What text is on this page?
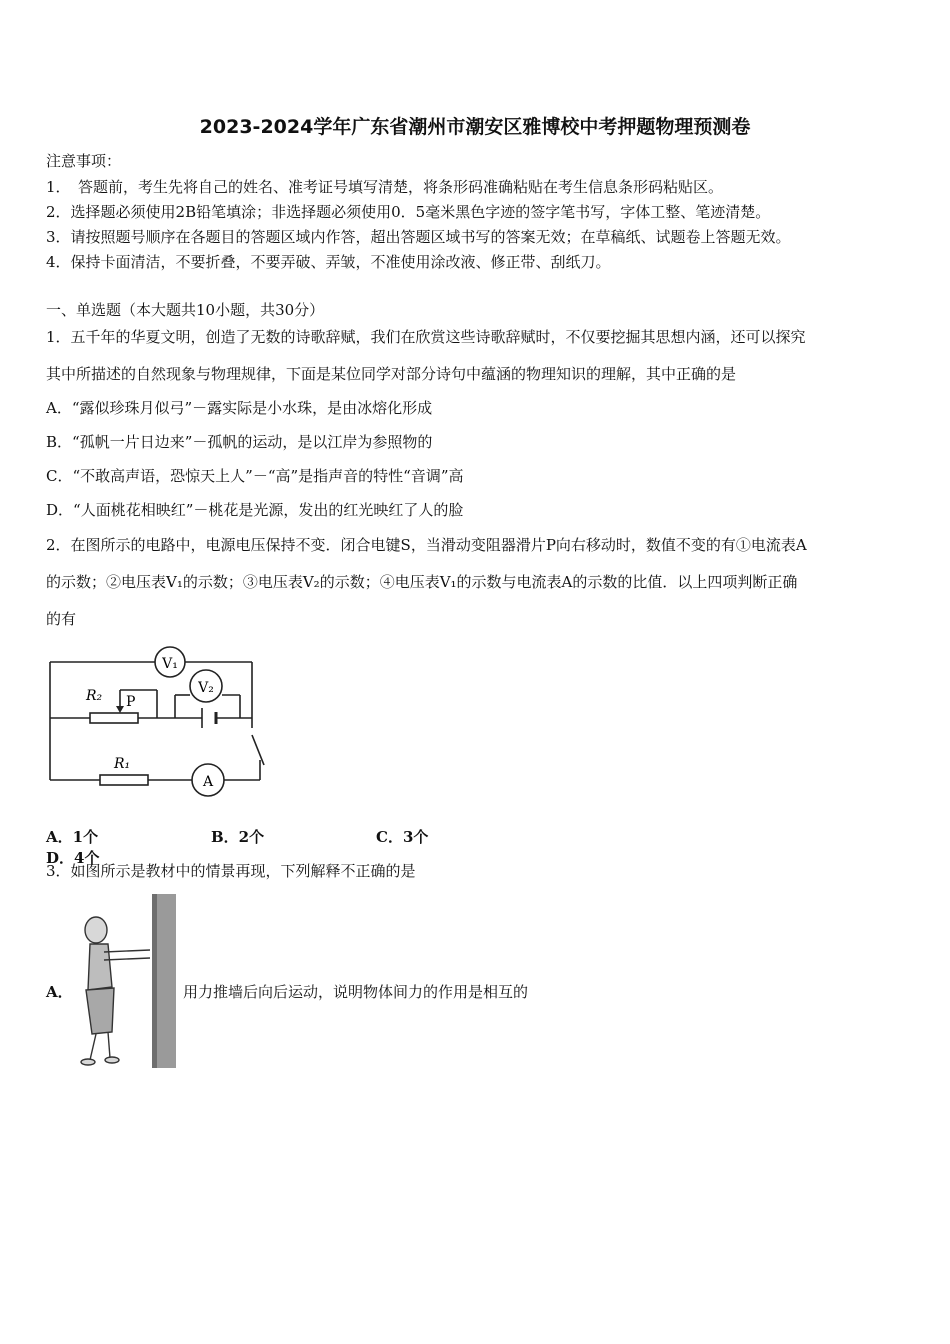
2023-2024学年广东省潮州市潮安区雅博校中考押题物理预测卷
注意事项：
1．　答题前，考生先将自己的姓名、准考证号填写清楚，将条形码准确粘贴在考生信息条形码粘贴区。
2．选择题必须使用2B铅笔填涂；非选择题必须使用0．5毫米黑色字迹的签字笔书写，字体工整、笔迹清楚。
3．请按照题号顺序在各题目的答题区域内作答，超出答题区域书写的答案无效；在草稿纸、试题卷上答题无效。
4．保持卡面清洁，不要折叠，不要弄破、弄皱，不准使用涂改液、修正带、刮纸刀。
一、单选题（本大题共10小题，共30分）
1．五千年的华夏文明，创造了无数的诗歌辞赋，我们在欣赏这些诗歌辞赋时，不仅要挖掘其思想内涵，还可以探究
其中所描述的自然现象与物理规律，下面是某位同学对部分诗句中蕴涵的物理知识的理解，其中正确的是
A．“露似珍珠月似弓”－露实际是小水珠，是由冰熔化形成
B．“孤帆一片日边来”－孤帆的运动，是以江岸为参照物的
C．“不敢高声语，恐惊天上人”－“高”是指声音的特性“音调”高
D．“人面桃花相映红”－桃花是光源，发出的红光映红了人的脸
2．在图所示的电路中，电源电压保持不变．闭合电键S，当滑动变阻器滑片P向右移动时，数值不变的有①电流表A
的示数；②电压表V₁的示数；③电压表V₂的示数；④电压表V₁的示数与电流表A的示数的比值．以上四项判断正确
的有
V₁
V₂
A
R₂ P
R₁
A．1个	B．2个	C．3个D．4个
3．如图所示是教材中的情景再现，下列解释不正确的是
A．	用力推墙后向后运动，说明物体间力的作用是相互的
